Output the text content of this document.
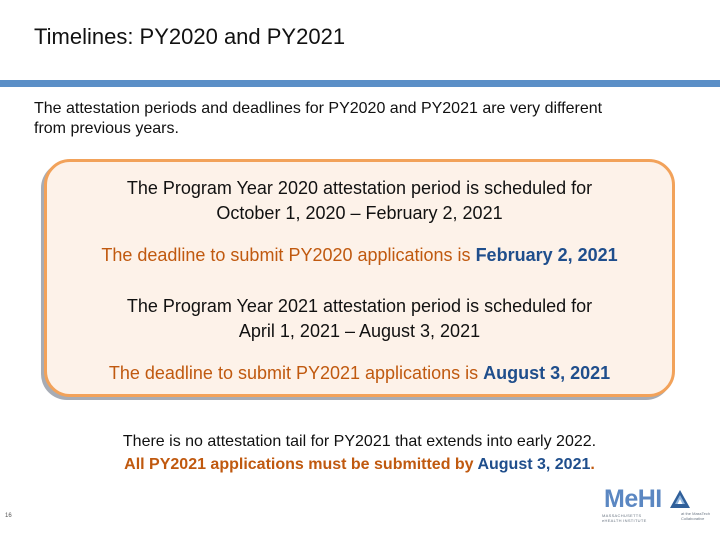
Timelines: PY2020 and PY2021
The attestation periods and deadlines for PY2020 and PY2021 are very different
from previous years.
The Program Year 2020 attestation period is scheduled for
October 1, 2020 – February 2, 2021
The deadline to submit PY2020 applications is February 2, 2021
The Program Year 2021 attestation period is scheduled for
April 1, 2021 – August 3, 2021
The deadline to submit PY2021 applications is August 3, 2021
There is no attestation tail for PY2021 that extends into early 2022.
All PY2021 applications must be submitted by August 3, 2021.
16
MeHI
MASSACHUSETTS
eHEALTH INSTITUTE
at the MassTech
Collaborative
